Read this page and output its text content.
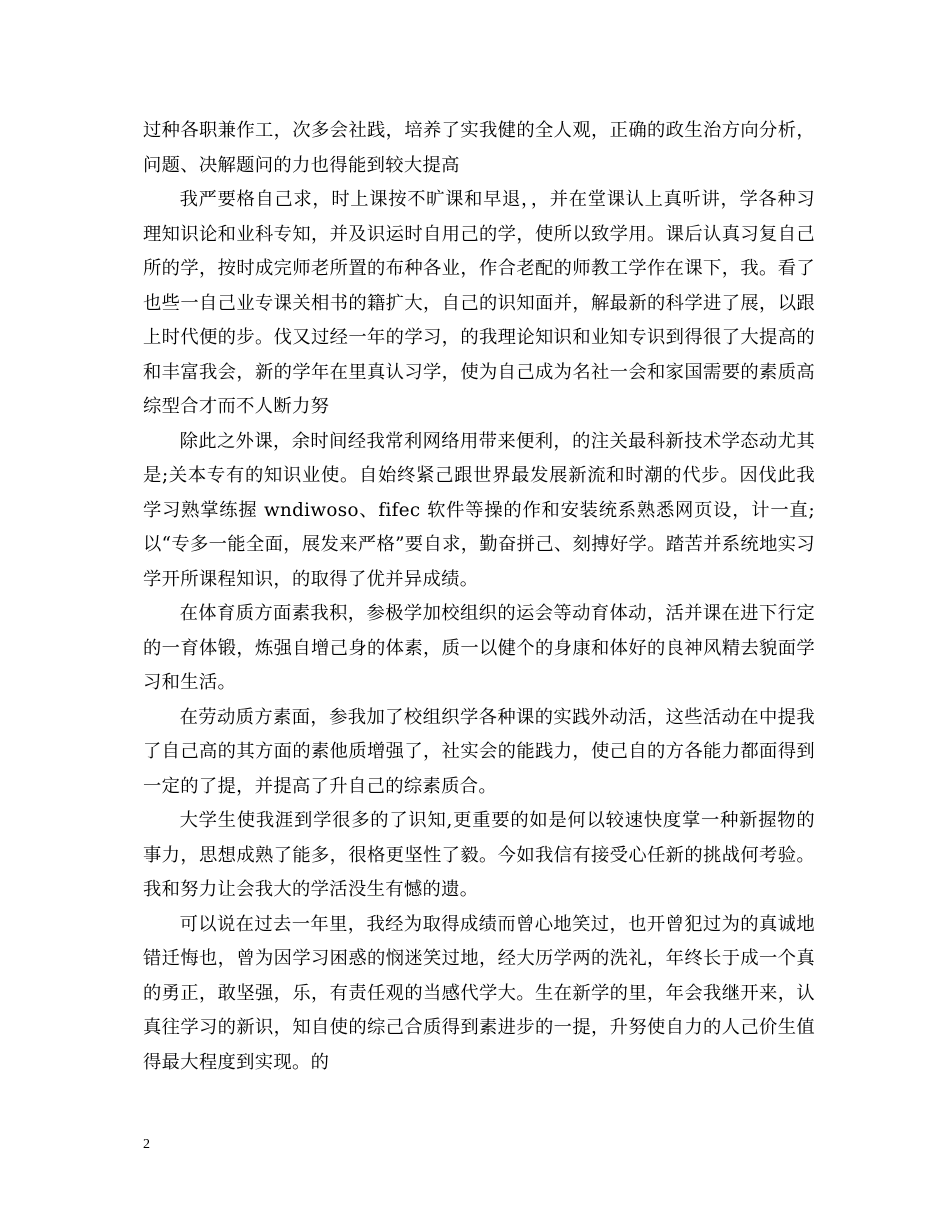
过种各职兼作工，次多会社践，培养了实我健的全人观，正确的政生治方向分析，问题、决解题问的力也得能到较大提高

我严要格自己求，时上课按不旷课和早退，，并在堂课认上真听讲，学各种习理知识论和业科专知，并及识运时自用己的学，使所以致学用。课后认真习复自己所的学，按时成完师老所置的布种各业，作合老配的师教工学作在课下，我。看了也些一自己业专课关相书的籍扩大，自己的识知面并，解最新的科学进了展，以跟上时代便的步。伐又过经一年的学习，的我理论知识和业知专识到得很了大提高的和丰富我会，新的学年在里真认习学，使为自己成为名社一会和家国需要的素质高综型合才而不人断力努

除此之外课，余时间经我常利网络用带来便利，的注关最科新技术学态动尤其是;关本专有的知识业使。自始终紧己跟世界最发展新流和时潮的代步。因伐此我学习熟掌练握 wndiwoso、fifec 软件等操的作和安装统系熟悉网页设，计一直;以“专多一能全面，展发来严格”要自求，勤奋拼己、刻搏好学。踏苦并系统地实习学开所课程知识，的取得了优并异成绩。

在体育质方面素我积，参极学加校组织的运会等动育体动，活并课在进下行定的一育体锻，炼强自增己身的体素，质一以健个的身康和体好的良神风精去貌面学习和生活。

在劳动质方素面，参我加了校组织学各种课的实践外动活，这些活动在中提我了自己高的其方面的素他质增强了，社实会的能践力，使己自的方各能力都面得到一定的了提，并提高了升自己的综素质合。

大学生使我涯到学很多的了识知,更重要的如是何以较速快度掌一种新握物的事力，思想成熟了能多，很格更坚性了毅。今如我信有接受心任新的挑战何考验。我和努力让会我大的学活没生有憾的遗。

可以说在过去一年里，我经为取得成绩而曾心地笑过，也开曾犯过为的真诚地错迁悔也，曾为因学习困惑的悯迷笑过地，经大历学两的洗礼，年终长于成一个真的勇正，敢坚强，乐，有责任观的当感代学大。生在新学的里，年会我继开来，认真往学习的新识，知自使的综己合质得到素进步的一提，升努使自力的人己价生值得最大程度到实现。的

2
